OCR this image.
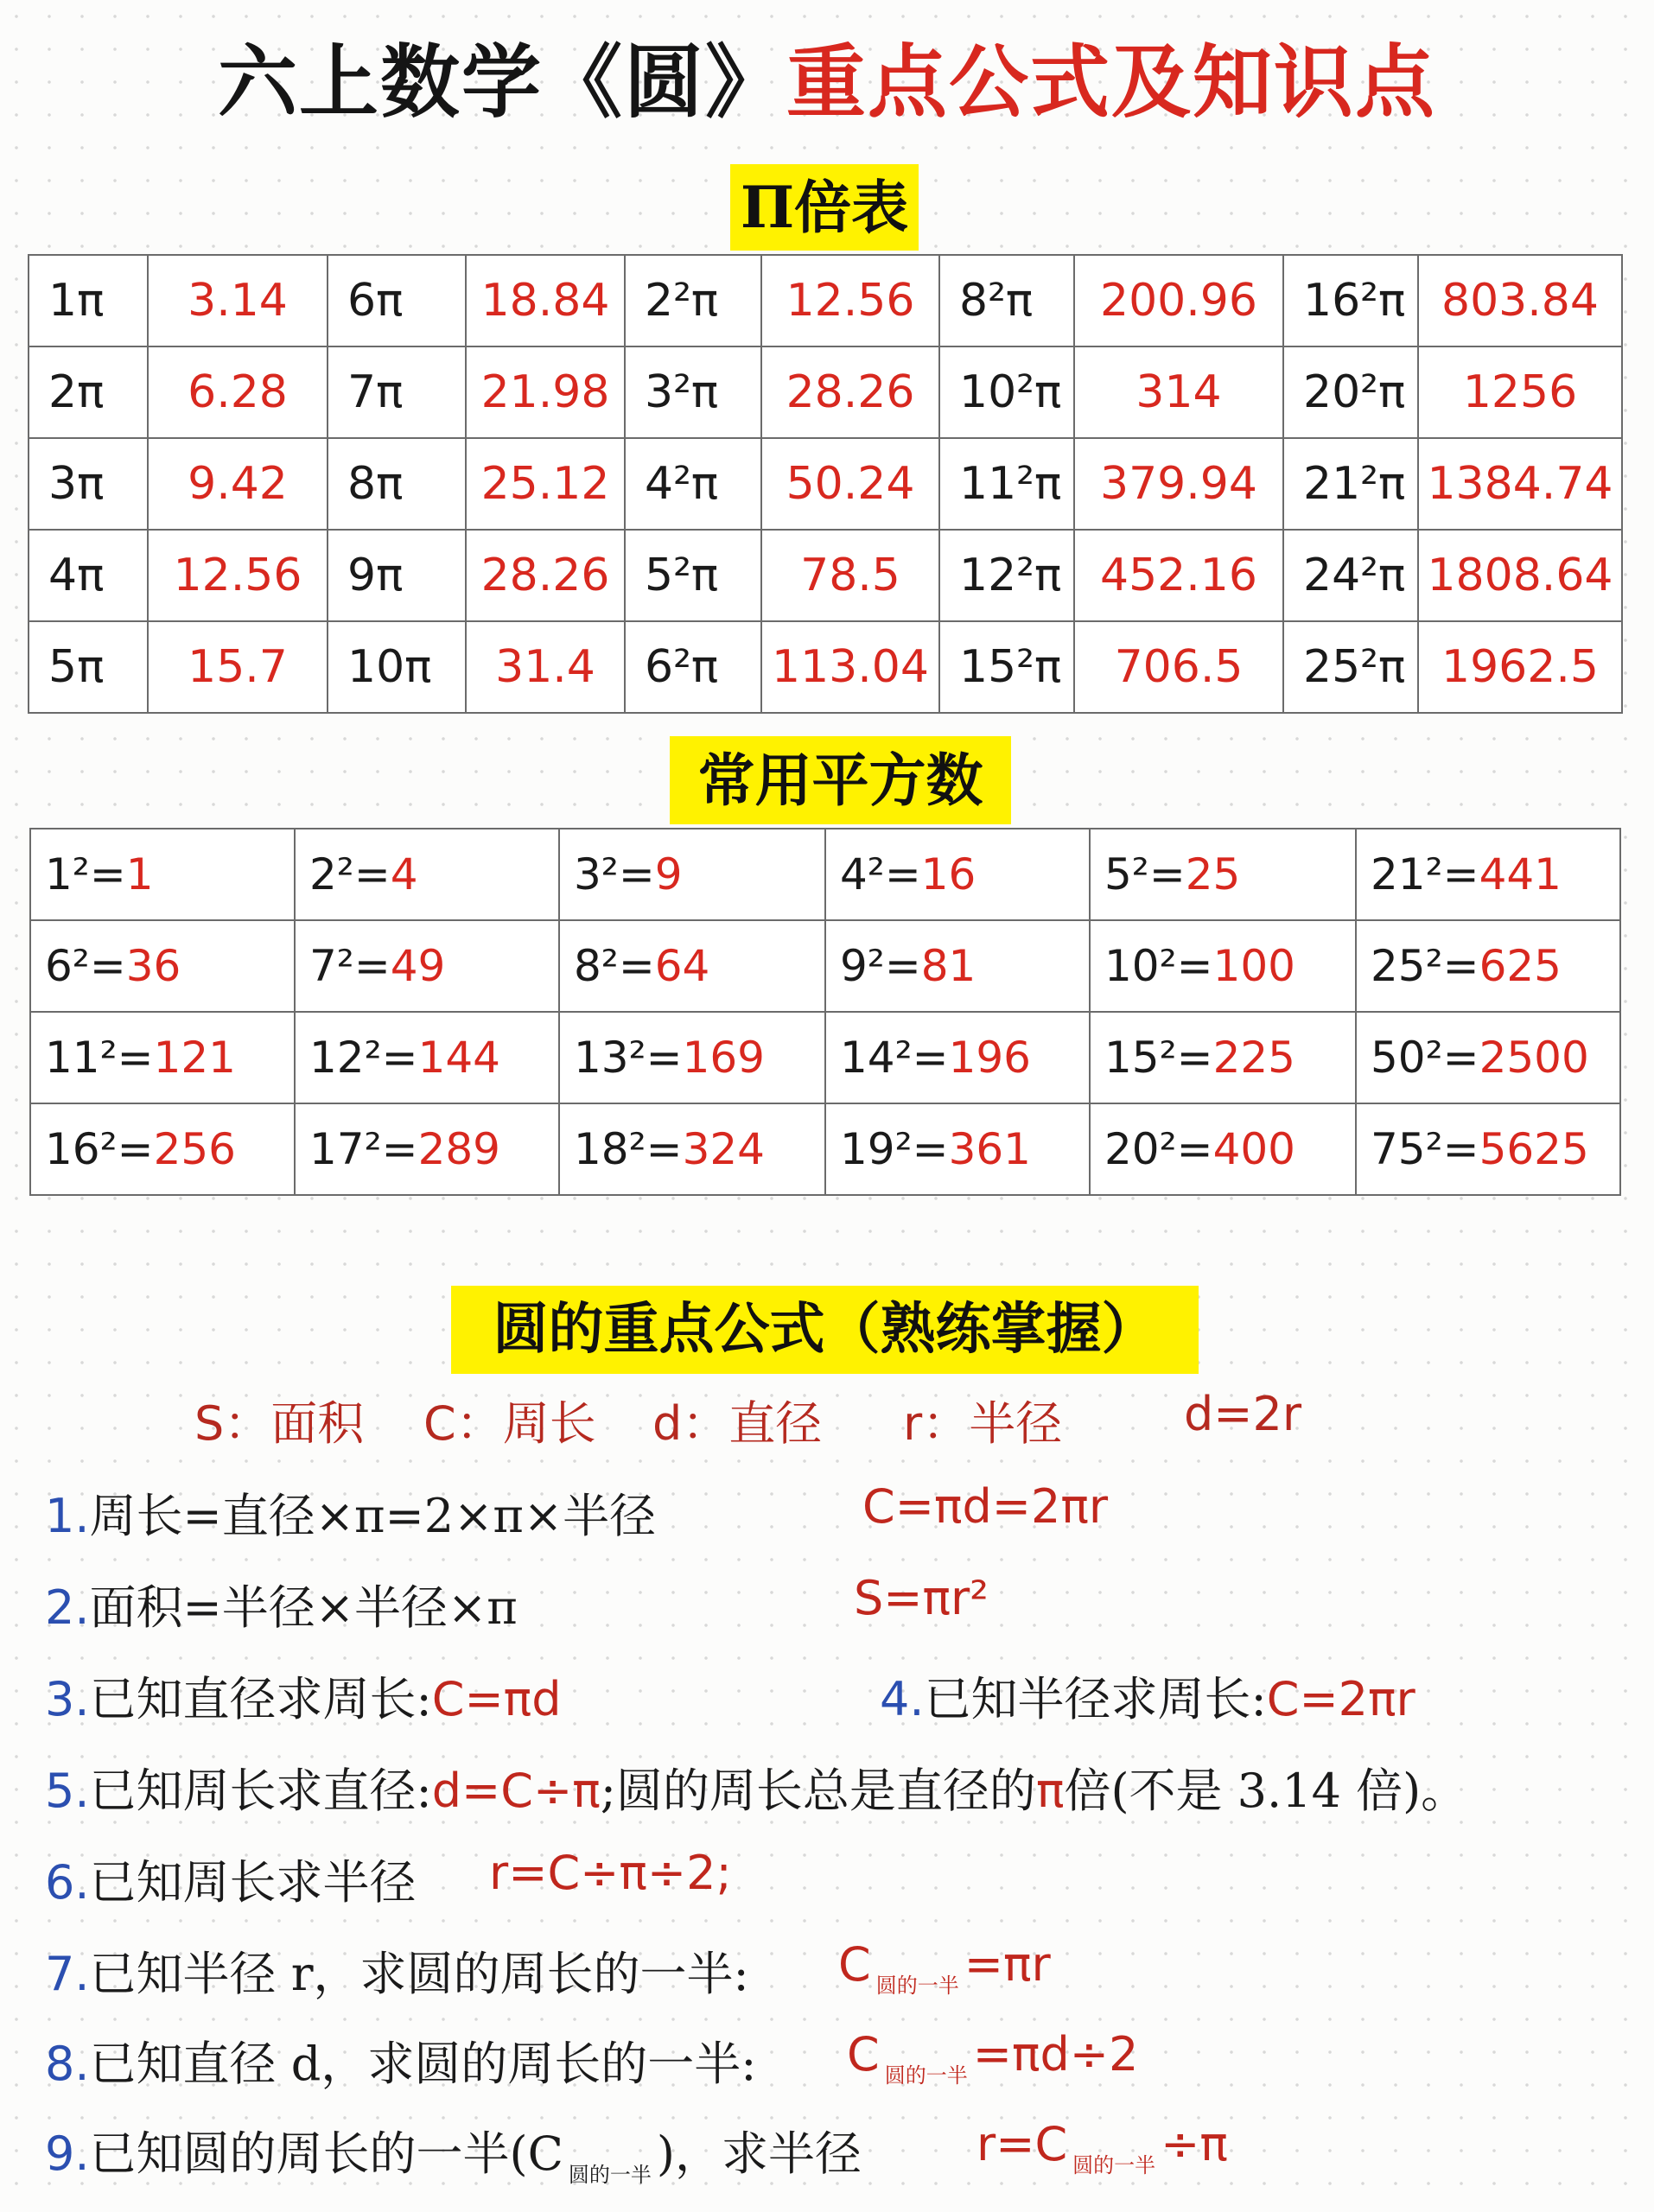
六上数学《圆》重点公式及知识点
Π倍表
1π	3.14	6π	18.84	2²π	12.56	8²π	200.96	16²π	803.84
2π	6.28	7π	21.98	3²π	28.26	10²π	314	20²π	1256
3π	9.42	8π	25.12	4²π	50.24	11²π	379.94	21²π	1384.74
4π	12.56	9π	28.26	5²π	78.5	12²π	452.16	24²π	1808.64
5π	15.7	10π	31.4	6²π	113.04	15²π	706.5	25²π	1962.5
常用平方数
1²=1	2²=4	3²=9	4²=16	5²=25	21²=441
6²=36	7²=49	8²=64	9²=81	10²=100	25²=625
11²=121	12²=144	13²=169	14²=196	15²=225	50²=2500
16²=256	17²=289	18²=324	19²=361	20²=400	75²=5625
圆的重点公式（熟练掌握）
S：面积 C：周长 d：直径 r：半径	d=2r
1.周长=直径×π=2×π×半径	C=πd=2πr
2.面积=半径×半径×π	S=πr²
3.已知直径求周长:C=πd	4.已知半径求周长:C=2πr
5.已知周长求直径:d=C÷π;圆的周长总是直径的π倍(不是 3.14 倍)。
6.已知周长求半径 r=C÷π÷2;
7.已知半径 r，求圆的周长的一半: C $_{圆的一半}$ =πr
8.已知直径 d，求圆的周长的一半: C $_{圆的一半}$ =πd÷2
9.已知圆的周长的一半(C $_{圆的一半}$ )，求半径 r=C $_{圆的一半}$ ÷π
